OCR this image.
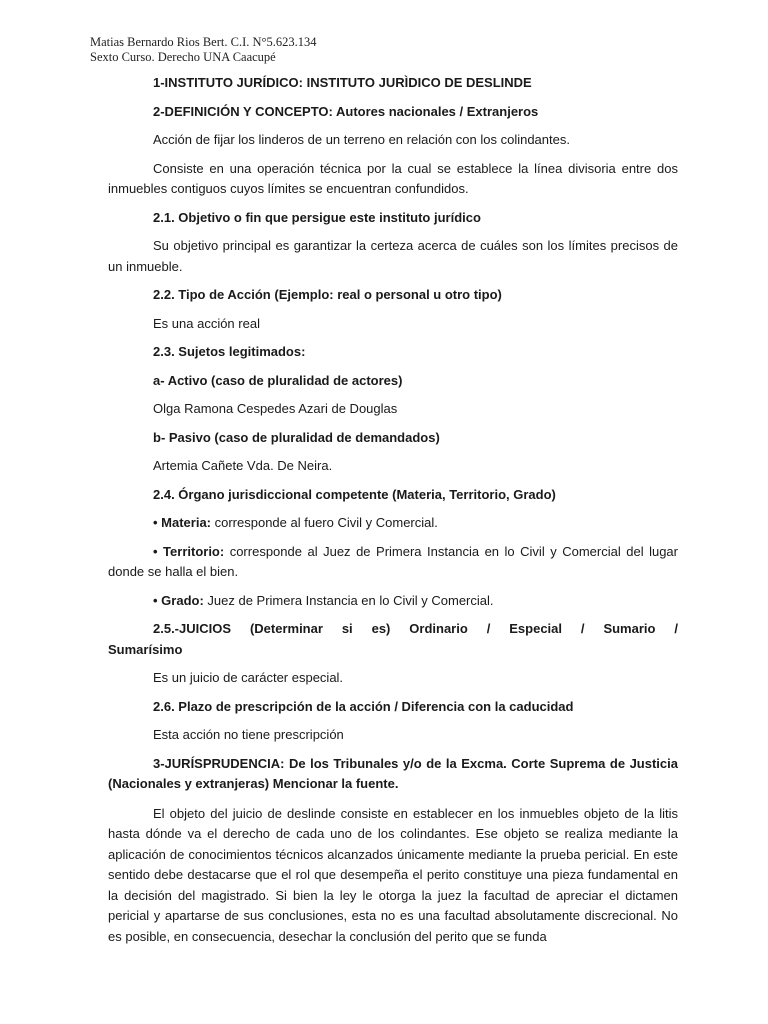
Matias Bernardo Rios Bert. C.I. N°5.623.134
Sexto Curso. Derecho UNA Caacupé

1-INSTITUTO JURÍDICO: INSTITUTO JURÌDICO DE DESLINDE

2-DEFINICIÓN Y CONCEPTO: Autores nacionales / Extranjeros

Acción de fijar los linderos de un terreno en relación con los colindantes.

Consiste en una operación técnica por la cual se establece la línea divisoria entre dos inmuebles contiguos cuyos límites se encuentran confundidos.

2.1. Objetivo o fin que persigue este instituto jurídico

Su objetivo principal es garantizar la certeza acerca de cuáles son los límites precisos de un inmueble.

2.2. Tipo de Acción (Ejemplo: real o personal u otro tipo)

Es una acción real

2.3. Sujetos legitimados:

a- Activo (caso de pluralidad de actores)

Olga Ramona Cespedes Azari de Douglas

b- Pasivo (caso de pluralidad de demandados)

Artemia Cañete Vda. De Neira.

2.4. Órgano jurisdiccional competente (Materia, Territorio, Grado)

• Materia: corresponde al fuero Civil y Comercial.

• Territorio: corresponde al Juez de Primera Instancia en lo Civil y Comercial del lugar donde se halla el bien.

• Grado: Juez de Primera Instancia en lo Civil y Comercial.

2.5.-JUICIOS (Determinar si es) Ordinario / Especial / Sumario /

Sumarísimo

Es un juicio de carácter especial.

2.6. Plazo de prescripción de la acción / Diferencia con la caducidad

Esta acción no tiene prescripción

3-JURÍSPRUDENCIA: De los Tribunales y/o de la Excma. Corte Suprema de Justicia (Nacionales y extranjeras) Mencionar la fuente.

El objeto del juicio de deslinde consiste en establecer en los inmuebles objeto de la litis hasta dónde va el derecho de cada uno de los colindantes. Ese objeto se realiza mediante la aplicación de conocimientos técnicos alcanzados únicamente mediante la prueba pericial. En este sentido debe destacarse que el rol que desempeña el perito constituye una pieza fundamental en la decisión del magistrado. Si bien la ley le otorga la juez la facultad de apreciar el dictamen pericial y apartarse de sus conclusiones, esta no es una facultad absolutamente discrecional. No es posible, en consecuencia, desechar la conclusión del perito que se funda
